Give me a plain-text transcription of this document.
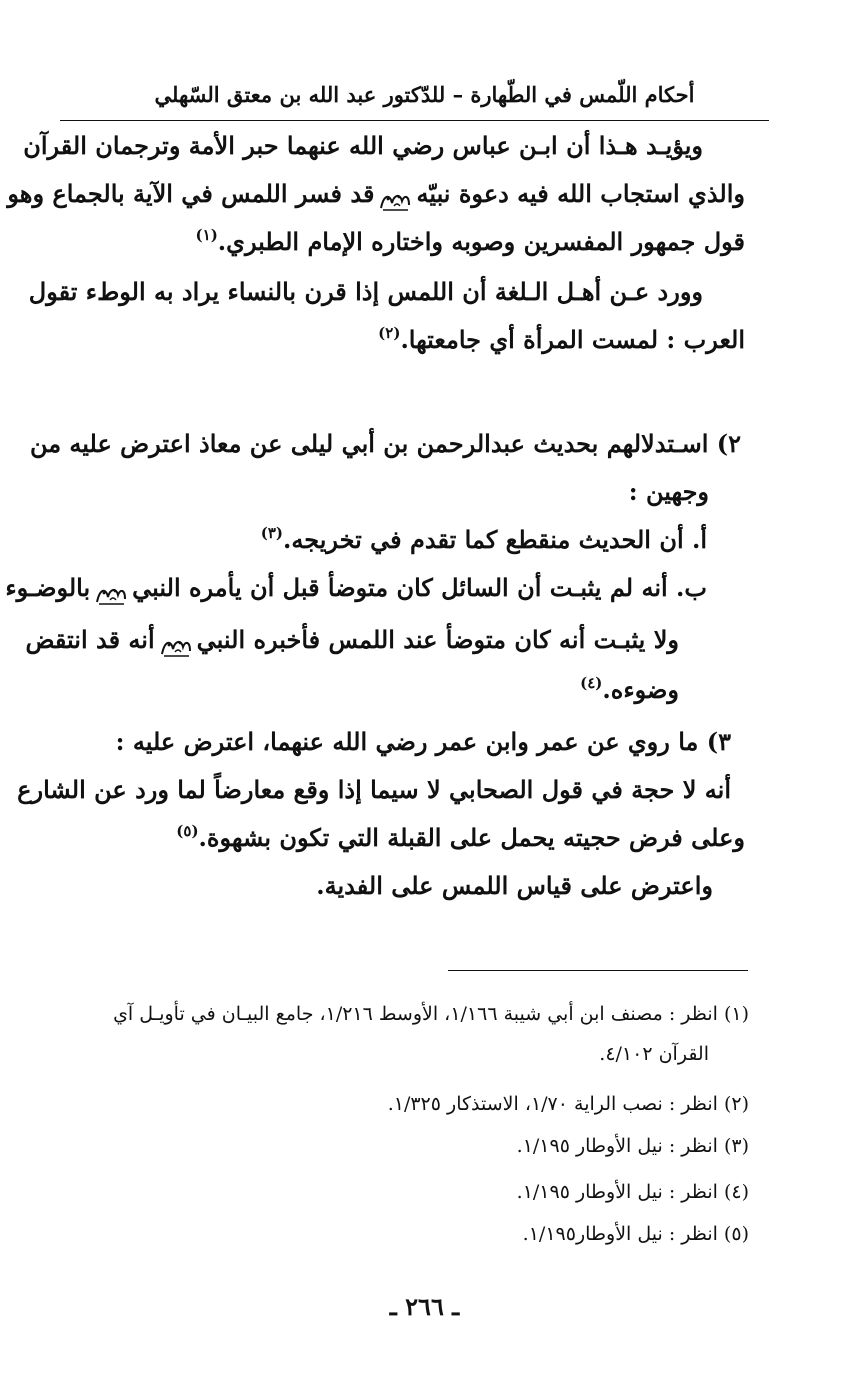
أحكام اللّمس في الطّهارة – للدّكتور عبد الله بن معتق السّهلي
ويؤيـد هـذا أن ابـن عباس رضي الله عنهما حبر الأمة وترجمان القرآن
والذي استجاب الله فيه دعوة نبيّهقد فسر اللمس في الآية بالجماع وهو
قول جمهور المفسرين وصوبه واختاره الإمام الطبري.$^{(١)}$
وورد عـن أهـل الـلغة أن اللمس إذا قرن بالنساء يراد به الوطء تقول
العرب : لمست المرأة أي جامعتها.$^{(٢)}$
٢) اسـتدلالهم بحديث عبدالرحمن بن أبي ليلى عن معاذ اعترض عليه من
وجهين :
أ. أن الحديث منقطع كما تقدم في تخريجه.$^{(٣)}$
ب. أنه لم يثبـت أن السائل كان متوضأ قبل أن يأمره النبيبالوضـوء
ولا يثبـت أنه كان متوضأ عند اللمس فأخبره النبيأنه قد انتقض
وضوءه.$^{(٤)}$
٣) ما روي عن عمر وابن عمر رضي الله عنهما، اعترض عليه :
أنه لا حجة في قول الصحابي لا سيما إذا وقع معارضاً لما ورد عن الشارع
وعلى فرض حجيته يحمل على القبلة التي تكون بشهوة.$^{(٥)}$
واعترض على قياس اللمس على الفدية.
(١) انظر : مصنف ابن أبي شيبة ١/١٦٦، الأوسط ١/٢١٦، جامع البيـان في تأويـل آي
القرآن ٤/١٠٢.
(٢) انظر : نصب الراية ١/٧٠، الاستذكار ١/٣٢٥.
(٣) انظر : نيل الأوطار ١/١٩٥.
(٤) انظر : نيل الأوطار ١/١٩٥.
(٥) انظر : نيل الأوطار١/١٩٥.
ـ ٢٦٦ ـ
